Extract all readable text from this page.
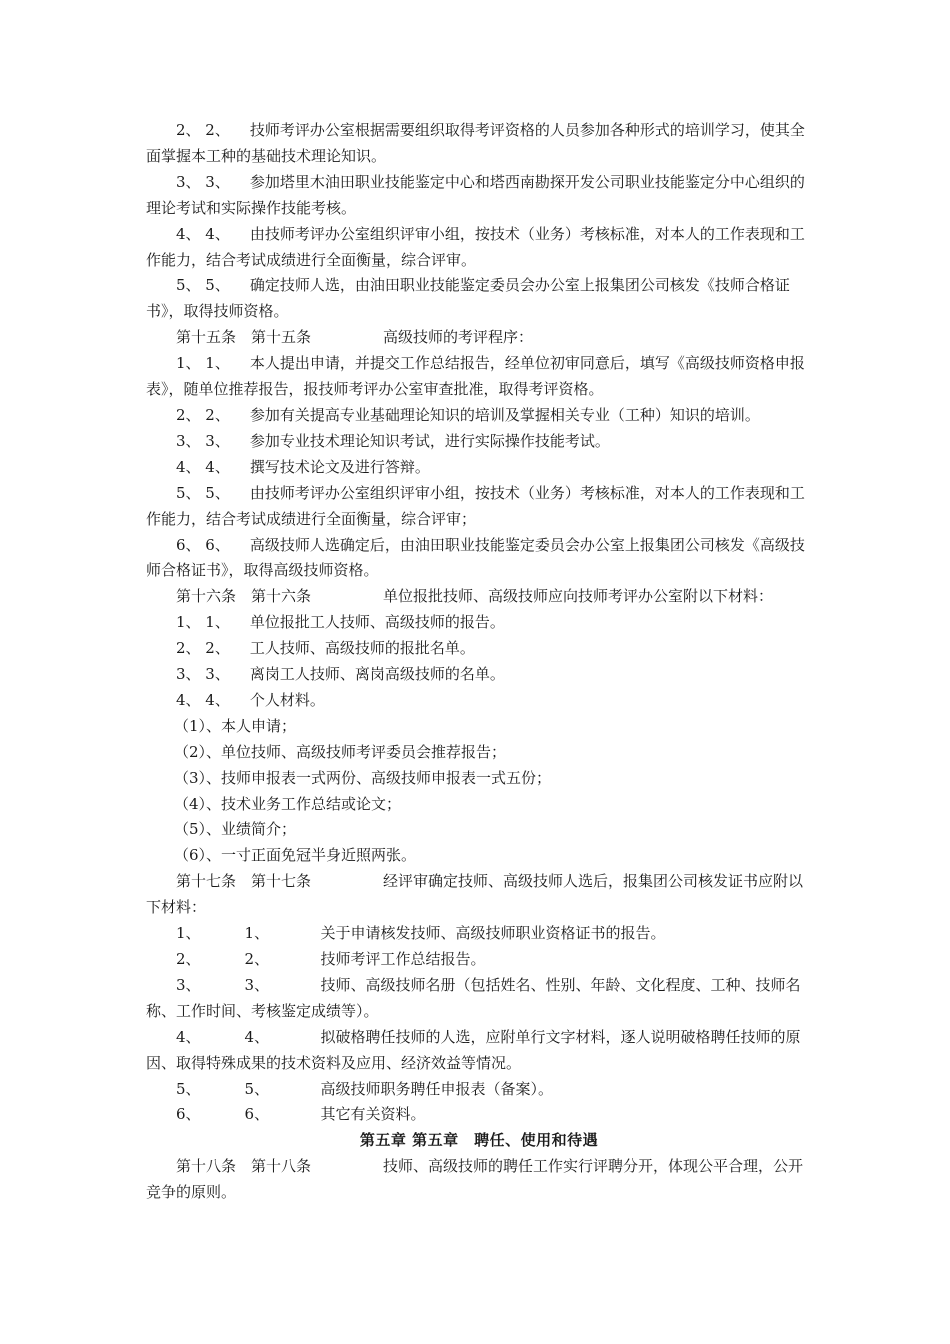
2、 2、 技师考评办公室根据需要组织取得考评资格的人员参加各种形式的培训学习，使其全面掌握本工种的基础技术理论知识。

3、 3、 参加塔里木油田职业技能鉴定中心和塔西南勘探开发公司职业技能鉴定分中心组织的理论考试和实际操作技能考核。

4、 4、 由技师考评办公室组织评审小组，按技术（业务）考核标准，对本人的工作表现和工作能力，结合考试成绩进行全面衡量，综合评审。

5、 5、 确定技师人选，由油田职业技能鉴定委员会办公室上报集团公司核发《技师合格证书》，取得技师资格。

第十五条　第十五条	高级技师的考评程序：

1、 1、 本人提出申请，并提交工作总结报告，经单位初审同意后，填写《高级技师资格申报表》，随单位推荐报告，报技师考评办公室审查批准，取得考评资格。

2、 2、 参加有关提高专业基础理论知识的培训及掌握相关专业（工种）知识的培训。

3、 3、 参加专业技术理论知识考试，进行实际操作技能考试。

4、 4、 撰写技术论文及进行答辩。

5、 5、 由技师考评办公室组织评审小组，按技术（业务）考核标准，对本人的工作表现和工作能力，结合考试成绩进行全面衡量，综合评审；

6、 6、 高级技师人选确定后，由油田职业技能鉴定委员会办公室上报集团公司核发《高级技师合格证书》，取得高级技师资格。

第十六条　第十六条	单位报批技师、高级技师应向技师考评办公室附以下材料：

1、 1、 单位报批工人技师、高级技师的报告。

2、 2、 工人技师、高级技师的报批名单。

3、 3、 离岗工人技师、离岗高级技师的名单。

4、 4、 个人材料。

（1）、本人申请；

（2）、单位技师、高级技师考评委员会推荐报告；

（3）、技师申报表一式两份、高级技师申报表一式五份；

（4）、技术业务工作总结或论文；

（5）、业绩简介；

（6）、一寸正面免冠半身近照两张。

第十七条　第十七条	经评审确定技师、高级技师人选后，报集团公司核发证书应附以下材料：

1、	1、	关于申请核发技师、高级技师职业资格证书的报告。

2、	2、	技师考评工作总结报告。

3、	3、	技师、高级技师名册（包括姓名、性别、年龄、文化程度、工种、技师名称、工作时间、考核鉴定成绩等）。

4、	4、	拟破格聘任技师的人选，应附单行文字材料，逐人说明破格聘任技师的原因、取得特殊成果的技术资料及应用、经济效益等情况。

5、	5、	高级技师职务聘任申报表（备案）。

6、	6、	其它有关资料。

第五章 第五章　聘任、使用和待遇

第十八条　第十八条	技师、高级技师的聘任工作实行评聘分开，体现公平合理，公开竞争的原则。
